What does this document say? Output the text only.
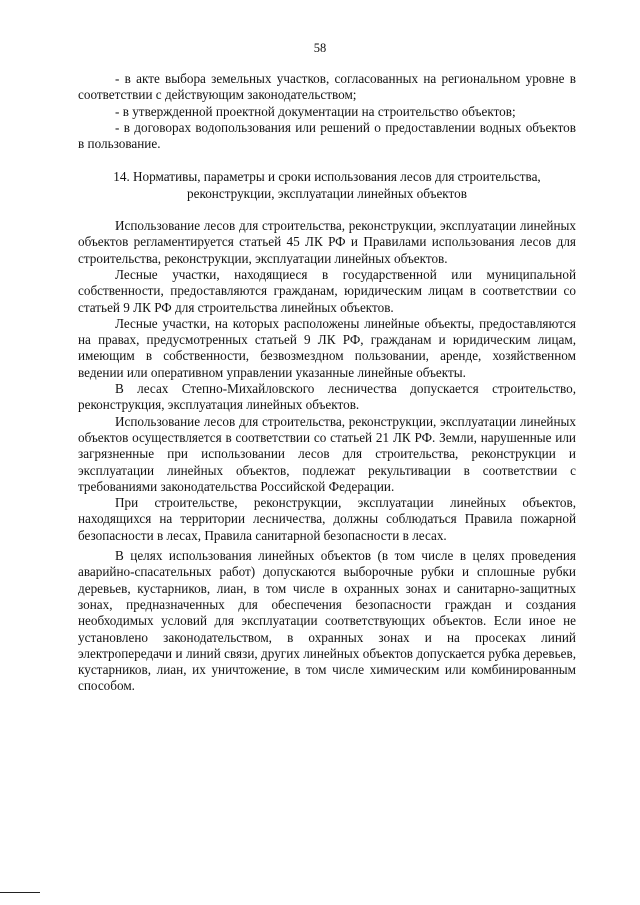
58

- в акте выбора земельных участков, согласованных на региональном уровне в соответствии с действующим законодательством;

- в утвержденной проектной документации на строительство объектов;

- в договорах водопользования или решений о предоставлении водных объектов в пользование.

14. Нормативы, параметры и сроки использования лесов для строительства, реконструкции, эксплуатации линейных объектов

Использование лесов для строительства, реконструкции, эксплуатации линейных объектов регламентируется статьей 45 ЛК РФ и Правилами использования лесов для строительства, реконструкции, эксплуатации линейных объектов.

Лесные участки, находящиеся в государственной или муниципальной собственности, предоставляются гражданам, юридическим лицам в соответствии со статьей 9 ЛК РФ для строительства линейных объектов.

Лесные участки, на которых расположены линейные объекты, предоставляются на правах, предусмотренных статьей 9 ЛК РФ, гражданам и юридическим лицам, имеющим в собственности, безвозмездном пользовании, аренде, хозяйственном ведении или оперативном управлении указанные линейные объекты.

В лесах Степно-Михайловского лесничества допускается строительство, реконструкция, эксплуатация линейных объектов.

Использование лесов для строительства, реконструкции, эксплуатации линейных объектов осуществляется в соответствии со статьей 21 ЛК РФ. Земли, нарушенные или загрязненные при использовании лесов для строительства, реконструкции и эксплуатации линейных объектов, подлежат рекультивации в соответствии с требованиями законодательства Российской Федерации.

При строительстве, реконструкции, эксплуатации линейных объектов, находящихся на территории лесничества, должны соблюдаться Правила пожарной безопасности в лесах, Правила санитарной безопасности в лесах.

В целях использования линейных объектов (в том числе в целях проведения аварийно-спасательных работ) допускаются выборочные рубки и сплошные рубки деревьев, кустарников, лиан, в том числе в охранных зонах и санитарно-защитных зонах, предназначенных для обеспечения безопасности граждан и создания необходимых условий для эксплуатации соответствующих объектов. Если иное не установлено законодательством, в охранных зонах и на просеках линий электропередачи и линий связи, других линейных объектов допускается рубка деревьев, кустарников, лиан, их уничтожение, в том числе химическим или комбинированным способом.
